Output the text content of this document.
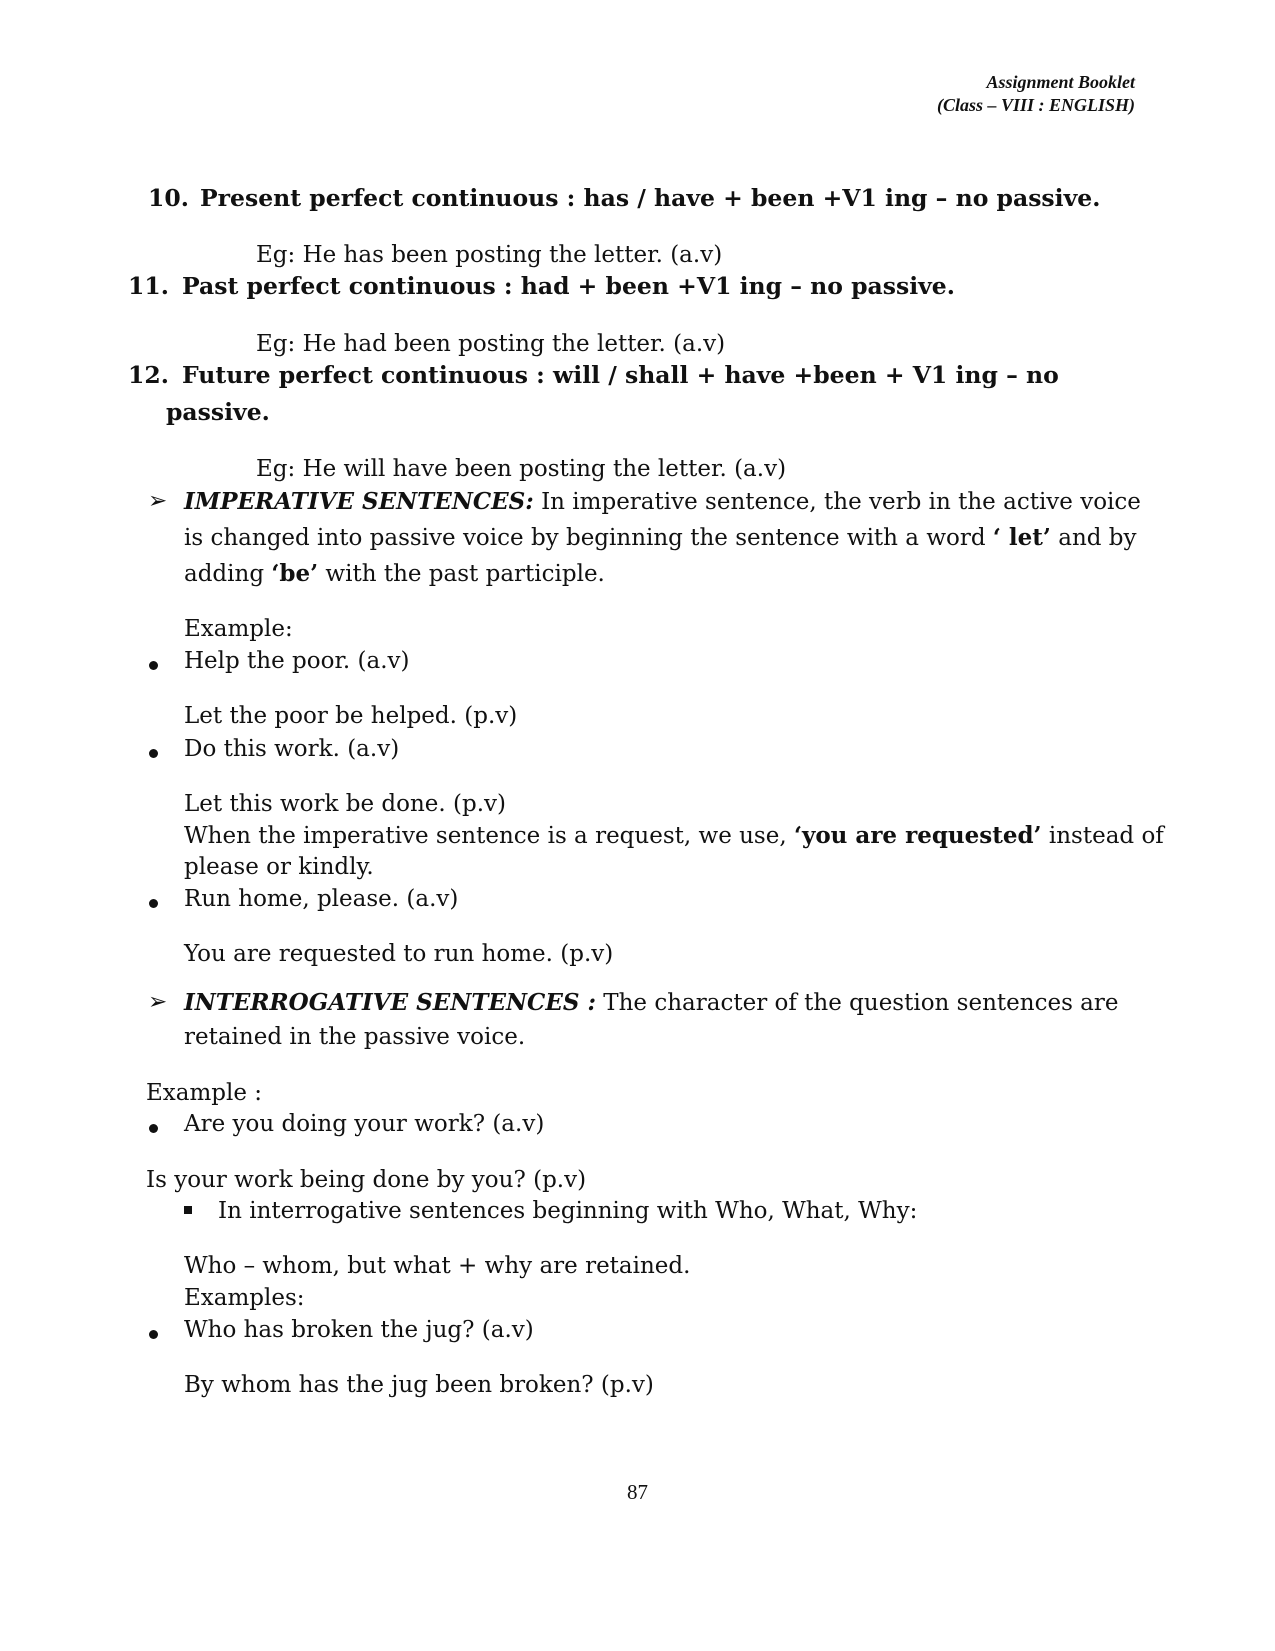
Assignment Booklet
(Class – VIII : ENGLISH)
10. Present perfect continuous : has / have + been +V1 ing – no passive.
Eg: He has been posting the letter. (a.v)
11. Past perfect continuous : had + been +V1 ing – no passive.
Eg: He had been posting the letter. (a.v)
12. Future perfect continuous : will / shall + have +been + V1 ing – no
passive.
Eg: He will have been posting the letter. (a.v)
➢ IMPERATIVE SENTENCES: In imperative sentence, the verb in the active voice
is changed into passive voice by beginning the sentence with a word ‘ let’ and by
adding ‘be’ with the past participle.
Example:
Help the poor. (a.v)
Let the poor be helped. (p.v)
Do this work. (a.v)
Let this work be done. (p.v)
When the imperative sentence is a request, we use, ‘you are requested’ instead of
please or kindly.
Run home, please. (a.v)
You are requested to run home. (p.v)
➢ INTERROGATIVE SENTENCES : The character of the question sentences are
retained in the passive voice.
Example :
Are you doing your work? (a.v)
Is your work being done by you? (p.v)
In interrogative sentences beginning with Who, What, Why:
Who – whom, but what + why are retained.
Examples:
Who has broken the jug? (a.v)
By whom has the jug been broken? (p.v)
87
